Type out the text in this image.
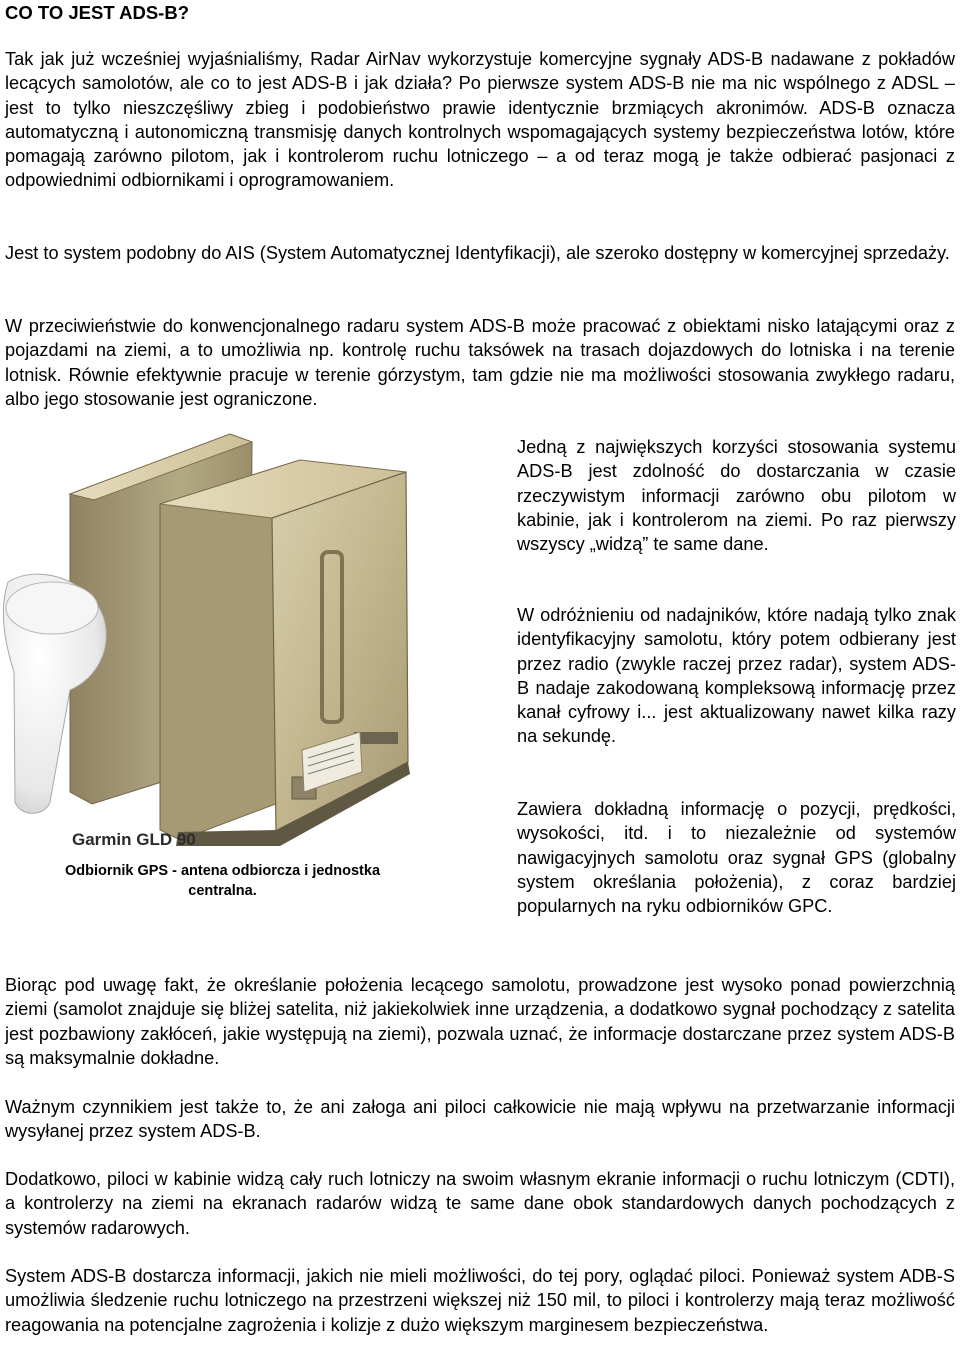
CO TO JEST ADS-B?

Tak jak już wcześniej wyjaśnialiśmy, Radar AirNav wykorzystuje komercyjne sygnały ADS-B nadawane z pokładów lecących samolotów, ale co to jest ADS-B i jak działa? Po pierwsze system ADS-B nie ma nic wspólnego z ADSL – jest to tylko nieszczęśliwy zbieg i podobieństwo prawie identycznie brzmiących akronimów. ADS-B oznacza automatyczną i autonomiczną transmisję danych kontrolnych wspomagających systemy bezpieczeństwa lotów, które pomagają zarówno pilotom, jak i kontrolerom ruchu lotniczego – a od teraz mogą je także odbierać pasjonaci z odpowiednimi odbiornikami i oprogramowaniem.

Jest to system podobny do AIS (System Automatycznej Identyfikacji), ale szeroko dostępny w komercyjnej sprzedaży.

W przeciwieństwie do konwencjonalnego radaru system ADS-B może pracować z obiektami nisko latającymi oraz z pojazdami na ziemi, a to umożliwia np. kontrolę ruchu taksówek na trasach dojazdowych do lotniska i na terenie lotnisk. Równie efektywnie pracuje w terenie górzystym, tam gdzie nie ma możliwości stosowania zwykłego radaru, albo jego stosowanie jest ograniczone.

Garmin GLD 90

Odbiornik GPS - antena odbiorcza i jednostka centralna.

Jedną z największych korzyści stosowania systemu ADS-B jest zdolność do dostarczania w czasie rzeczywistym informacji zarówno obu pilotom w kabinie, jak i kontrolerom na ziemi. Po raz pierwszy wszyscy „widzą” te same dane.

W odróżnieniu od nadajników, które nadają tylko znak identyfikacyjny samolotu, który potem odbierany jest przez radio (zwykle raczej przez radar), system ADS-B nadaje zakodowaną kompleksową informację przez kanał cyfrowy i... jest aktualizowany nawet kilka razy na sekundę.

Zawiera dokładną informację o pozycji, prędkości, wysokości, itd. i to niezależnie od systemów nawigacyjnych samolotu oraz sygnał GPS (globalny system określania położenia), z coraz bardziej popularnych na ryku odbiorników GPC.

Biorąc pod uwagę fakt, że określanie położenia lecącego samolotu, prowadzone jest wysoko ponad powierzchnią ziemi (samolot znajduje się bliżej satelita, niż jakiekolwiek inne urządzenia, a dodatkowo sygnał pochodzący z satelita jest pozbawiony zakłóceń, jakie występują na ziemi), pozwala uznać, że informacje dostarczane przez system ADS-B są maksymalnie dokładne.

Ważnym czynnikiem jest także to, że ani załoga ani piloci całkowicie nie mają wpływu na przetwarzanie informacji wysyłanej przez system ADS-B.

Dodatkowo, piloci w kabinie widzą cały ruch lotniczy na swoim własnym ekranie informacji o ruchu lotniczym (CDTI), a kontrolerzy na ziemi na ekranach radarów widzą te same dane obok standardowych danych pochodzących z systemów radarowych.

System ADS-B dostarcza informacji, jakich nie mieli możliwości, do tej pory, oglądać piloci. Ponieważ system ADB-S umożliwia śledzenie ruchu lotniczego na przestrzeni większej niż 150 mil, to piloci i kontrolerzy mają teraz możliwość reagowania na potencjalne zagrożenia i kolizje z dużo większym marginesem bezpieczeństwa.
